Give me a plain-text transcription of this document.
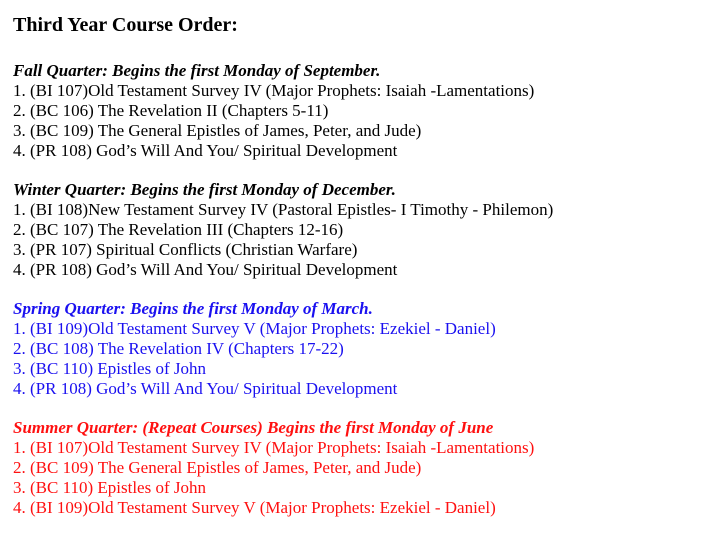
Third Year Course Order:
Fall Quarter: Begins the first Monday of September.
1. (BI 107)Old Testament Survey IV (Major Prophets: Isaiah -Lamentations)
2. (BC 106) The Revelation II (Chapters 5-11)
3. (BC 109) The General Epistles of James, Peter, and Jude)
4. (PR 108) God’s Will And You/ Spiritual Development
Winter Quarter: Begins the first Monday of December.
1. (BI 108)New Testament Survey IV (Pastoral Epistles- I Timothy - Philemon)
2. (BC 107) The Revelation III (Chapters 12-16)
3. (PR 107) Spiritual Conflicts (Christian Warfare)
4. (PR 108) God’s Will And You/ Spiritual Development
Spring Quarter: Begins the first Monday of March.
1. (BI 109)Old Testament Survey V (Major Prophets: Ezekiel - Daniel)
2. (BC 108) The Revelation IV (Chapters 17-22)
3. (BC 110) Epistles of John
4. (PR 108) God’s Will And You/ Spiritual Development
Summer Quarter: (Repeat Courses) Begins the first Monday of June
1. (BI 107)Old Testament Survey IV (Major Prophets: Isaiah -Lamentations)
2. (BC 109) The General Epistles of James, Peter, and Jude)
3. (BC 110) Epistles of John
4. (BI 109)Old Testament Survey V (Major Prophets: Ezekiel - Daniel)
